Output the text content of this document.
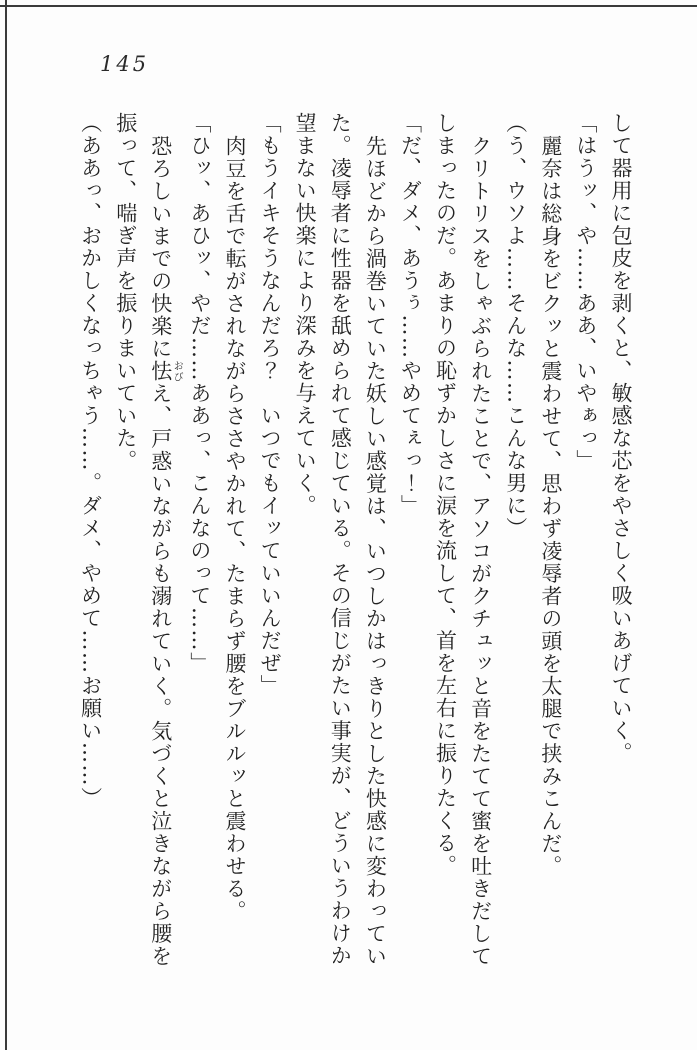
145

して器用に包皮を剥くと、敏感な芯をやさしく吸いあげていく。

「はうッ、や……ああ、いやぁっ」

麗奈は総身をビクッと震わせて、思わず凌辱者の頭を太腿で挟みこんだ。

（う、ウソよ……そんな……こんな男に）

クリトリスをしゃぶられたことで、アソコがクチュッと音をたてて蜜を吐きだしてしまったのだ。あまりの恥ずかしさに涙を流して、首を左右に振りたくる。

「だ、ダメ、あうぅ……やめてぇっ！」

先ほどから渦巻いていた妖しい感覚は、いつしかはっきりとした快感に変わっていた。凌辱者に性器を舐められて感じている。その信じがたい事実が、どういうわけか望まない快楽により深みを与えていく。

「もうイキそうなんだろ？　いつでもイッていいんだぜ」

肉豆を舌で転がされながらささやかれて、たまらず腰をブルルッと震わせる。

「ひッ、あひッ、やだ……ああっ、こんなのって……」

恐ろしいまでの快楽に怯おびえ、戸惑いながらも溺れていく。気づくと泣きながら腰を振って、喘ぎ声を振りまいていた。

（ああっ、おかしくなっちゃう……。ダメ、やめて……お願い……）
